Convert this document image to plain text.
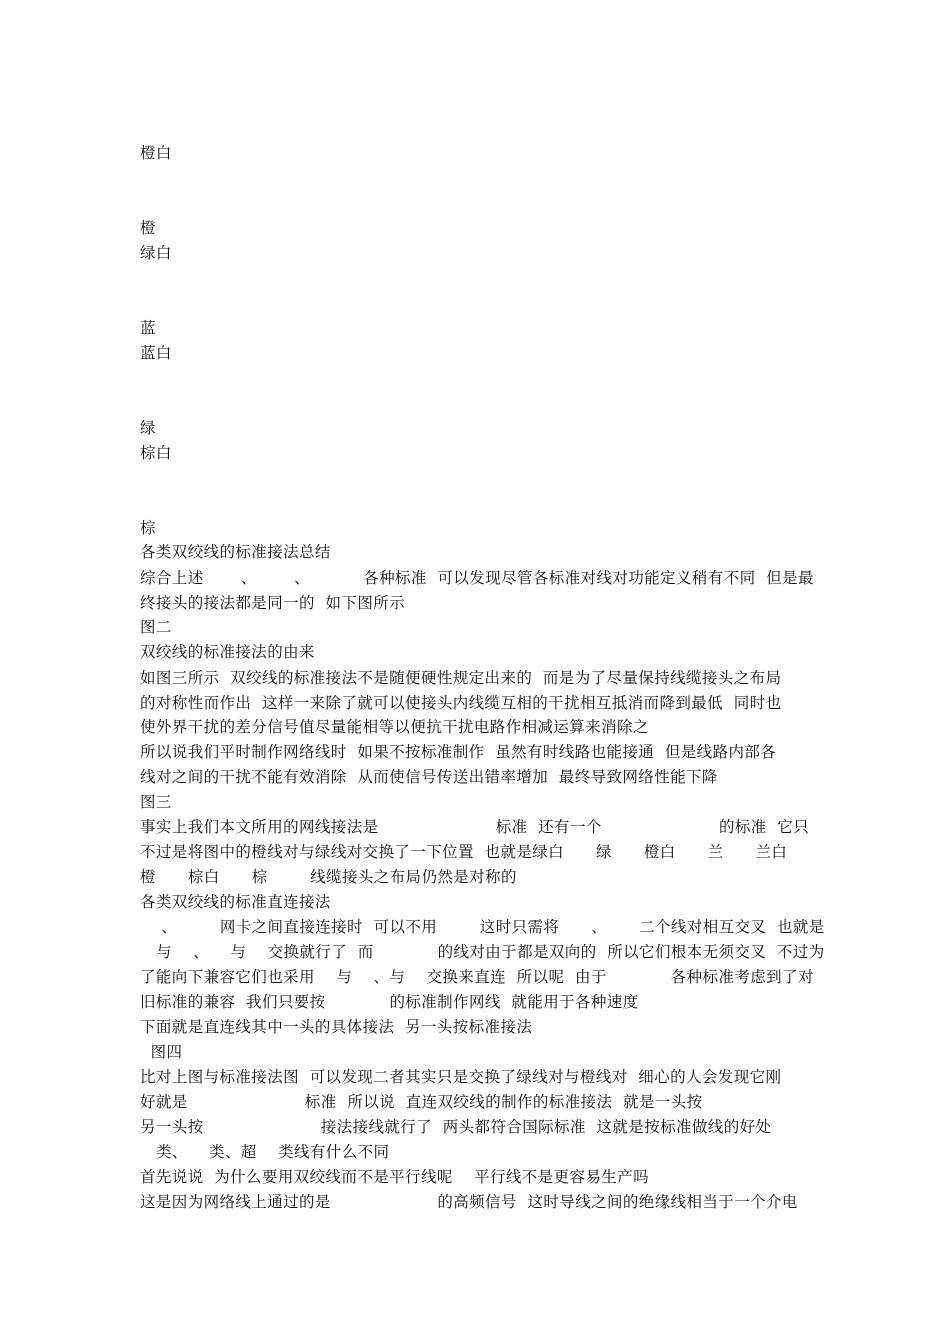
橙白
橙
绿白
蓝
蓝白
绿
棕白
棕
各类双绞线的标准接法总结
综合上述       、       、          各种标准  可以发现尽管各标准对线对功能定义稍有不同  但是最
终接头的接法都是同一的  如下图所示
图二
双绞线的标准接法的由来
如图三所示  双绞线的标准接法不是随便硬性规定出来的  而是为了尽量保持线缆接头之布局
的对称性而作出  这样一来除了就可以使接头内线缆互相的干扰相互抵消而降到最低  同时也
使外界干扰的差分信号值尽量能相等以便抗干扰电路作相减运算来消除之
所以说我们平时制作网络线时  如果不按标准制作  虽然有时线路也能接通  但是线路内部各
线对之间的干扰不能有效消除  从而使信号传送出错率增加  最终导致网络性能下降
图三
事实上我们本文所用的网线接法是                      标准  还有一个                      的标准  它只
不过是将图中的橙线对与绿线对交换了一下位置  也就是绿白      绿      橙白      兰      兰白
橙      棕白      棕        线缆接头之布局仍然是对称的
各类双绞线的标准直连接法
、        网卡之间直接连接时  可以不用        这时只需将      、      二个线对相互交叉  也就是
与    、    与    交换就行了  而            的线对由于都是双向的  所以它们根本无须交叉  不过为
了能向下兼容它们也采用    与    、与    交换来直连  所以呢  由于            各种标准考虑到了对
旧标准的兼容  我们只要按            的标准制作网线  就能用于各种速度
下面就是直连线其中一头的具体接法  另一头按标准接法
图四
比对上图与标准接法图  可以发现二者其实只是交换了绿线对与橙线对  细心的人会发现它刚
好就是                      标准  所以说  直连双绞线的制作的标准接法  就是一头按
另一头按                      接法接线就行了  两头都符合国际标准  这就是按标准做线的好处
类、    类、超    类线有什么不同
首先说说  为什么要用双绞线而不是平行线呢    平行线不是更容易生产吗
这是因为网络线上通过的是                    的高频信号  这时导线之间的绝缘线相当于一个介电
